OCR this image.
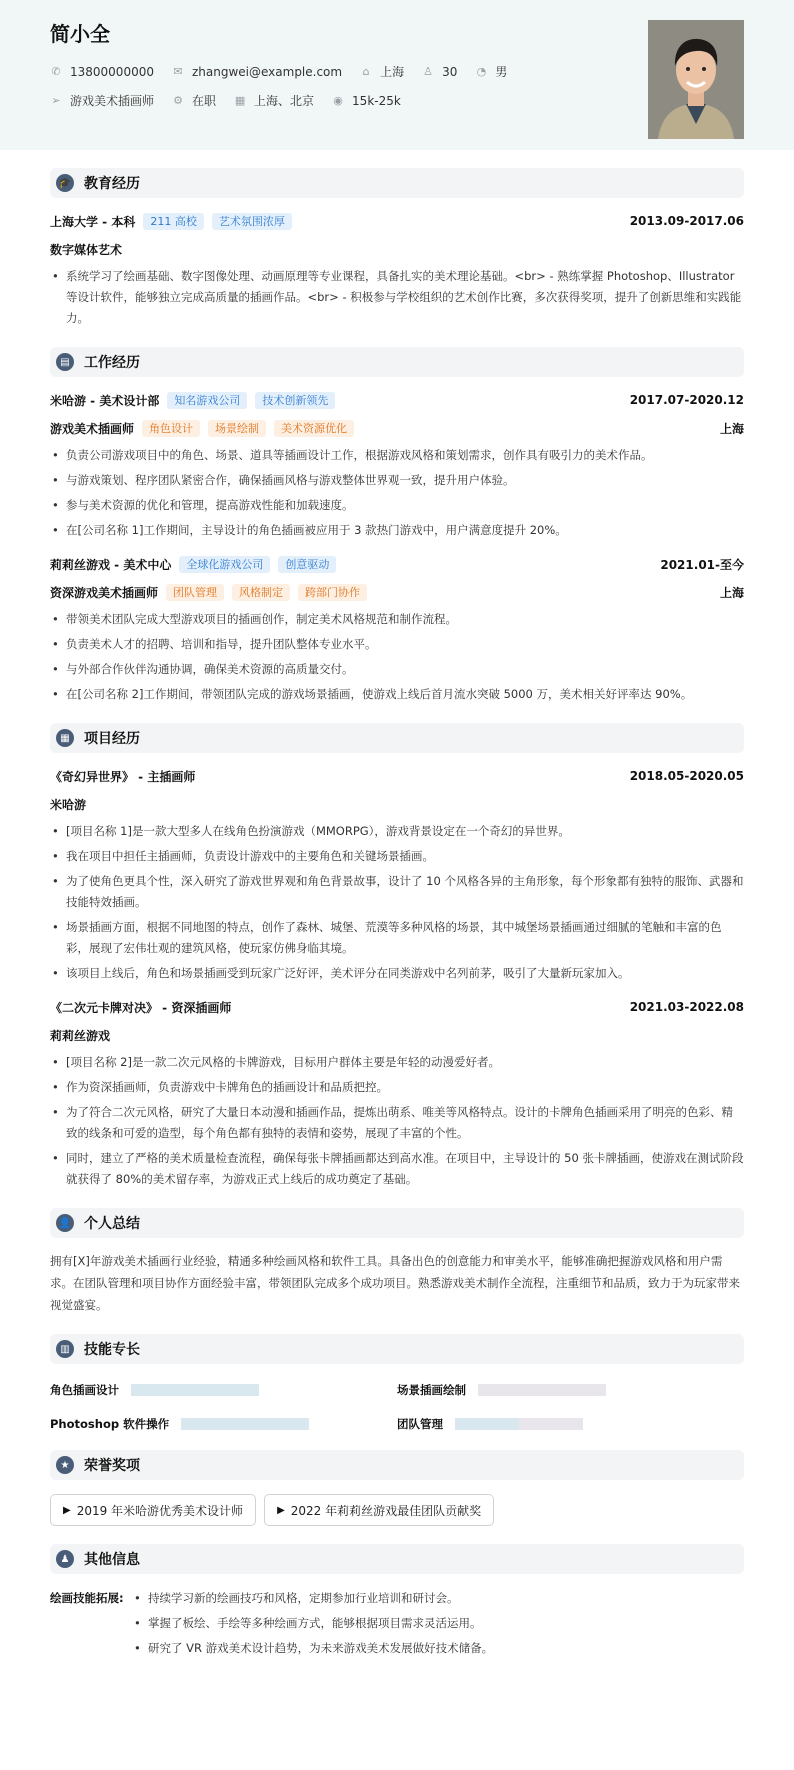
简小全
✆ 13800000000 ✉ zhangwei@example.com ⌂ 上海 ♙ 30 ◔ 男
➢ 游戏美术插画师 ⚙ 在职 ▦ 上海、北京 ◉ 15k-25k
🎓 教育经历
上海大学 - 本科	211 高校	艺术氛围浓厚	2013.09-2017.06
数字媒体艺术
• 系统学习了绘画基础、数字图像处理、动画原理等专业课程，具备扎实的美术理论基础。<br> - 熟练掌握 Photoshop、Illustrator 等设计软件，能够独立完成高质量的插画作品。<br> - 积极参与学校组织的艺术创作比赛，多次获得奖项，提升了创新思维和实践能力。
▤	工作经历
米哈游 - 美术设计部	知名游戏公司	技术创新领先	2017.07-2020.12
游戏美术插画师	角色设计	场景绘制	美术资源优化	上海
• 负责公司游戏项目中的角色、场景、道具等插画设计工作，根据游戏风格和策划需求，创作具有吸引力的美术作品。
• 与游戏策划、程序团队紧密合作，确保插画风格与游戏整体世界观一致，提升用户体验。
• 参与美术资源的优化和管理，提高游戏性能和加载速度。
• 在[公司名称 1]工作期间，主导设计的角色插画被应用于 3 款热门游戏中，用户满意度提升 20%。
莉莉丝游戏 - 美术中心	全球化游戏公司	创意驱动	2021.01-至今
资深游戏美术插画师	团队管理	风格制定	跨部门协作	上海
• 带领美术团队完成大型游戏项目的插画创作，制定美术风格规范和制作流程。
• 负责美术人才的招聘、培训和指导，提升团队整体专业水平。
• 与外部合作伙伴沟通协调，确保美术资源的高质量交付。
• 在[公司名称 2]工作期间，带领团队完成的游戏场景插画，使游戏上线后首月流水突破 5000 万，美术相关好评率达 90%。
▦	项目经历
《奇幻异世界》 - 主插画师	2018.05-2020.05
米哈游
• [项目名称 1]是一款大型多人在线角色扮演游戏（MMORPG），游戏背景设定在一个奇幻的异世界。
• 我在项目中担任主插画师，负责设计游戏中的主要角色和关键场景插画。
• 为了使角色更具个性，深入研究了游戏世界观和角色背景故事，设计了 10 个风格各异的主角形象，每个形象都有独特的服饰、武器和技能特效插画。
• 场景插画方面，根据不同地图的特点，创作了森林、城堡、荒漠等多种风格的场景，其中城堡场景插画通过细腻的笔触和丰富的色彩，展现了宏伟壮观的建筑风格，使玩家仿佛身临其境。
• 该项目上线后，角色和场景插画受到玩家广泛好评，美术评分在同类游戏中名列前茅，吸引了大量新玩家加入。
《二次元卡牌对决》 - 资深插画师	2021.03-2022.08
莉莉丝游戏
• [项目名称 2]是一款二次元风格的卡牌游戏，目标用户群体主要是年轻的动漫爱好者。
• 作为资深插画师，负责游戏中卡牌角色的插画设计和品质把控。
• 为了符合二次元风格，研究了大量日本动漫和插画作品，提炼出萌系、唯美等风格特点。设计的卡牌角色插画采用了明亮的色彩、精致的线条和可爱的造型，每个角色都有独特的表情和姿势，展现了丰富的个性。
• 同时，建立了严格的美术质量检查流程，确保每张卡牌插画都达到高水准。在项目中，主导设计的 50 张卡牌插画，使游戏在测试阶段就获得了 80%的美术留存率，为游戏正式上线后的成功奠定了基础。
👤 个人总结
拥有[X]年游戏美术插画行业经验，精通多种绘画风格和软件工具。具备出色的创意能力和审美水平，能够准确把握游戏风格和用户需求。在团队管理和项目协作方面经验丰富，带领团队完成多个成功项目。熟悉游戏美术制作全流程，注重细节和品质，致力于为玩家带来视觉盛宴。
▥	技能专长
角色插画设计	场景插画绘制
Photoshop 软件操作	团队管理
★	荣誉奖项
▶ 2019 年米哈游优秀美术设计师	▶ 2022 年莉莉丝游戏最佳团队贡献奖
♟	其他信息
绘画技能拓展:
•	持续学习新的绘画技巧和风格，定期参加行业培训和研讨会。
• 掌握了板绘、手绘等多种绘画方式，能够根据项目需求灵活运用。
• 研究了 VR 游戏美术设计趋势，为未来游戏美术发展做好技术储备。
